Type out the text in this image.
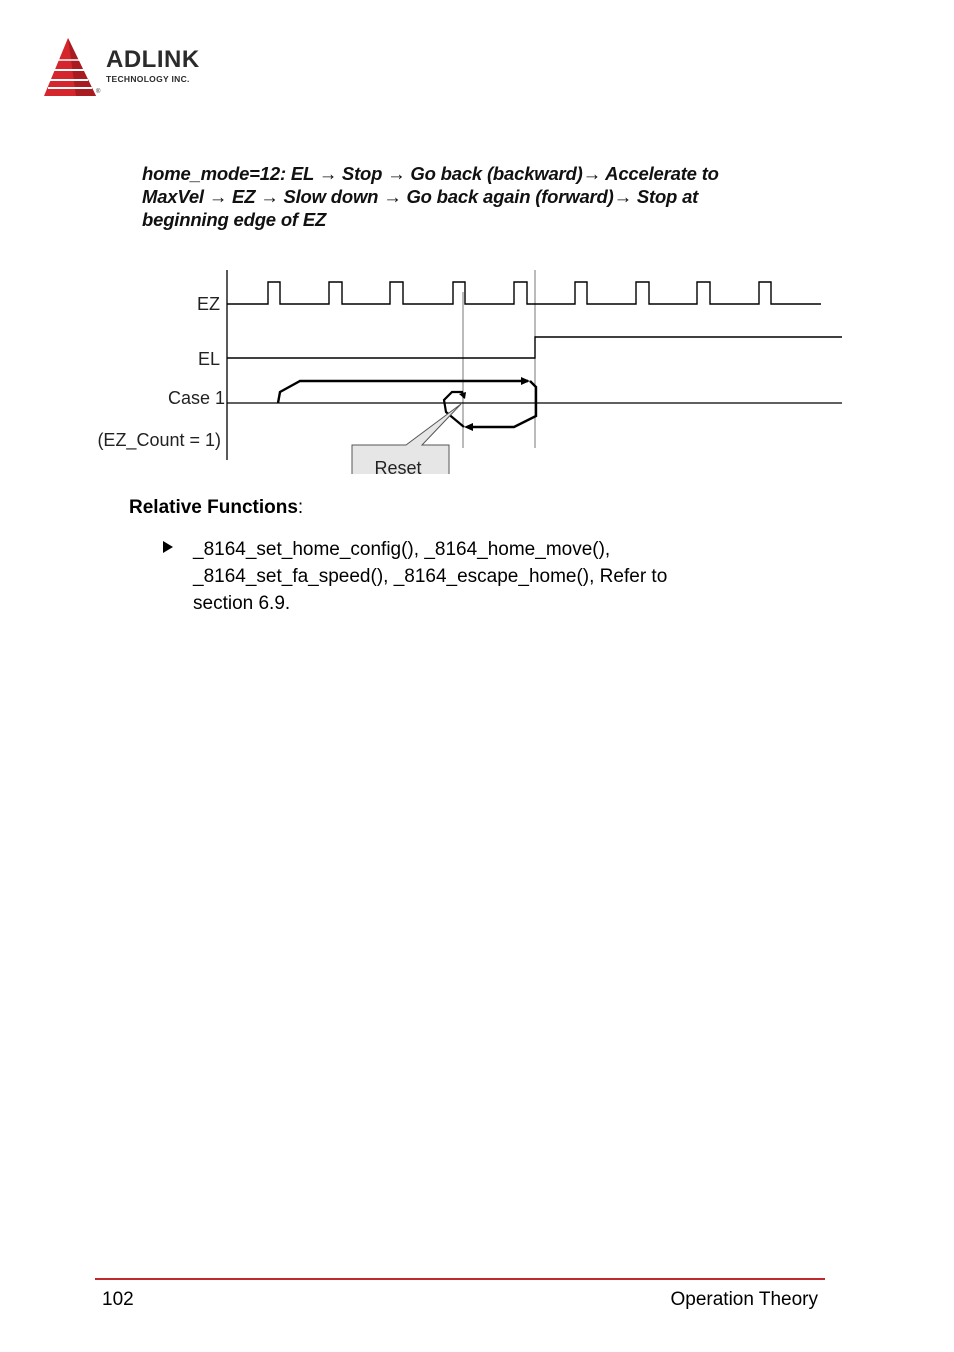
ADLINK
TECHNOLOGY INC.
®
home_mode=12: EL → Stop → Go back (backward)→ Accelerate to
MaxVel → EZ → Slow down → Go back again (forward)→ Stop at
beginning edge of EZ
EZ
EL
Case 1
(EZ_Count = 1)
Reset
Relative Functions:
_8164_set_home_config(), _8164_home_move(),
_8164_set_fa_speed(), _8164_escape_home(), Refer to
section 6.9.
102	Operation Theory
